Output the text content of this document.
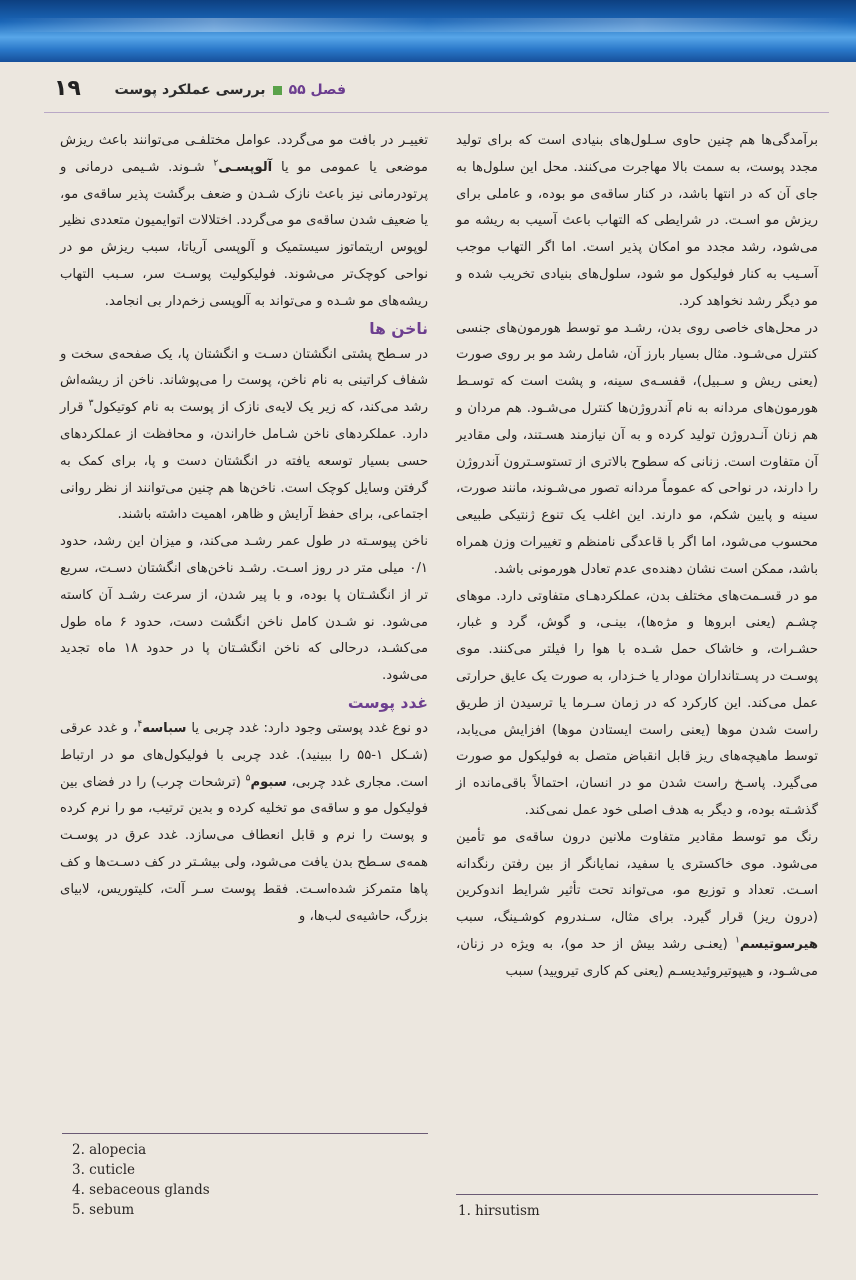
۱۹	فصل ۵۵بررسی عملکرد پوست

برآمدگی‌ها هم چنین حاوی سـلول‌های بنیادی است که برای تولید مجدد پوست، به سمت بالا مهاجرت می‌کنند. محل این سلول‌ها به جای آن که در انتها باشد، در کنار ساقه‌ی مو بوده، و عاملی برای ریزش مو اسـت. در شرایطی که التهاب باعث آسیب به ریشه مو می‌شود، رشد مجدد مو امکان پذیر است. اما اگر التهاب موجب آسـیب به کنار فولیکول مو شود، سلول‌های بنیادی تخریب شده و مو دیگر رشد نخواهد کرد.

در محل‌های خاصی روی بدن، رشـد مو توسط هورمون‌های جنسی کنترل می‌شـود. مثال بسیار بارز آن، شامل رشد مو بر روی صورت (یعنی ریش و سـبیل)، قفسـه‌ی سینه، و پشت است که توسـط هورمون‌های مردانه به نام آندروژن‌ها کنترل می‌شـود. هم مردان و هم زنان آنـدروژن تولید کرده و به آن نیازمند هسـتند، ولی مقادیر آن متفاوت است. زنانی که سطوح بالاتری از تستوسـترون آندروژن را دارند، در نواحی که عموماً مردانه تصور می‌شـوند، مانند صورت، سینه و پایین شکم، مو دارند. این اغلب یک تنوع ژنتیکی طبیعی محسوب می‌شود، اما اگر با قاعدگی نامنظم و تغییرات وزن همراه باشد، ممکن است نشان دهنده‌ی عدم تعادل هورمونی باشد.

مو در قسـمت‌های مختلف بدن، عملکردهـای متفاوتی دارد. موهای چشـم (یعنی ابروها و مژه‌ها)، بینـی، و گوش، گرد و غبار، حشـرات، و خاشاک حمل شـده با هوا را فیلتر می‌کنند. موی پوسـت در پسـتانداران مودار یا خـزدار، به صورت یک عایق حرارتی عمل می‌کند. این کارکرد که در زمان سـرما یا ترسیدن از طریق راست شدن موها (یعنی راست ایستادن موها) افزایش می‌یابد، توسط ماهیچه‌های ریز قابل انقباض متصل به فولیکول مو صورت می‌گیرد. پاسـخ راست شدن مو در انسان، احتمالاً باقی‌مانده از گذشـته بوده، و دیگر به هدف اصلی خود عمل نمی‌کند.

رنگ مو توسط مقادیر متفاوت ملانین درون ساقه‌ی مو تأمین می‌شود. موی خاکستری یا سفید، نمایانگر از بین رفتن رنگدانه اسـت. تعداد و توزیع مو، می‌تواند تحت تأثیر شرایط اندوکرین (درون ریز) قرار گیرد. برای مثال، سـندروم کوشـینگ، سبب هیرسوتیسم$^۱$ (یعنـی رشد بیش از حد مو)، به ویژه در زنان، می‌شـود، و هیپوتیروئیدیسـم (یعنی کم کاری تیرویید) سبب

تغییـر در بافت مو می‌گردد. عوامل مختلفـی می‌توانند باعث ریزش موضعی یا عمومی مو یا آلوپسـی$^۲$ شـوند. شـیمی درمانی و پرتودرمانی نیز باعث نازک شـدن و ضعف برگشت پذیر ساقه‌ی مو، یا ضعیف شدن ساقه‌ی مو می‌گردد. اختلالات اتوایمیون متعددی نظیر لوپوس اریتماتوز سیستمیک و آلوپسی آریاتا، سبب ریزش مو در نواحی کوچک‌تر می‌شوند. فولیکولیت پوسـت سر، سـبب التهاب ریشه‌های مو شـده و می‌تواند به آلوپسی زخم‌دار بی انجامد.

ناخن ها

در سـطح پشتی انگشتان دسـت و انگشتان پا، یک صفحه‌ی سخت و شفاف کراتینی به نام ناخن، پوست را می‌پوشاند. ناخن از ریشه‌اش رشد می‌کند، که زیر یک لایه‌ی نازک از پوست به نام کوتیکول$^۳$ قرار دارد. عملکردهای ناخن شـامل خاراندن، و محافظت از عملکردهای حسی بسیار توسعه یافته در انگشتان دست و پا، برای کمک به گرفتن وسایل کوچک است. ناخن‌ها هم چنین می‌توانند از نظر روانی اجتماعی، برای حفظ آرایش و ظاهر، اهمیت داشته باشند.

ناخن پیوسـته در طول عمر رشـد می‌کند، و میزان این رشد، حدود ۰/۱ میلی متر در روز اسـت. رشـد ناخن‌های انگشتان دسـت، سریع تر از انگشـتان پا بوده، و با پیر شدن، از سرعت رشـد آن کاسته می‌شود. نو شـدن کامل ناخن انگشت دست، حدود ۶ ماه طول می‌کشـد، درحالی که ناخن انگشـتان پا در حدود ۱۸ ماه تجدید می‌شود.

غدد پوست

دو نوع غدد پوستی وجود دارد: غدد چربی یا سباسه$^۴$، و غدد عرقی (شـکل ۱-۵۵ را ببینید). غدد چربی با فولیکول‌های مو در ارتباط است. مجاری غدد چربی، سبوم$^۵$ (ترشحات چرب) را در فضای بین فولیکول مو و ساقه‌ی مو تخلیه کرده و بدین ترتیب، مو را نرم کرده و پوست را نرم و قابل انعطاف می‌سازد. غدد عرق در پوسـت همه‌ی سـطح بدن یافت می‌شود، ولی بیشـتر در کف دسـت‌ها و کف پاها متمرکز شده‌اسـت. فقط پوست سـر آلت، کلیتوریس، لابیای بزرگ، حاشیه‌ی لب‌ها، و

2. alopecia
3. cuticle
4. sebaceous glands
5. sebum	1. hirsutism
